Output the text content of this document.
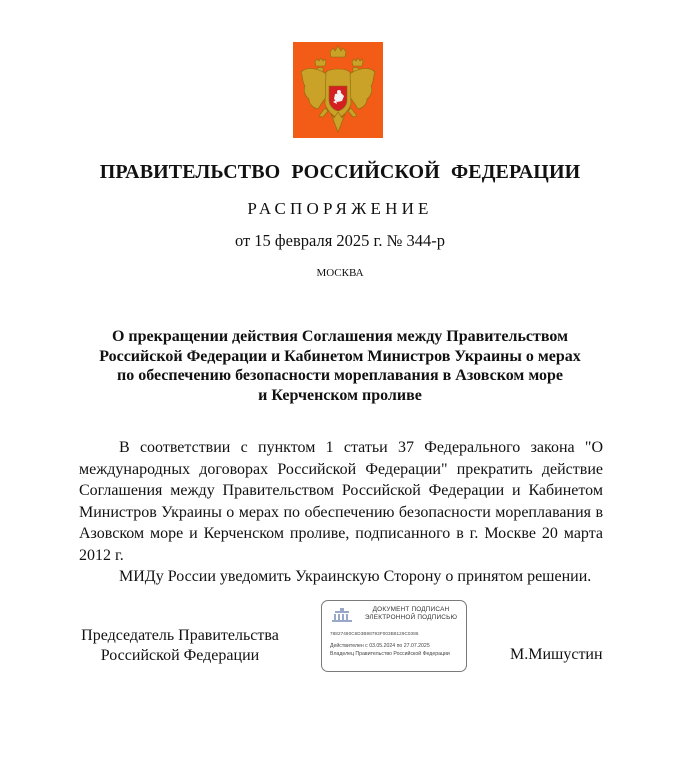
ПРАВИТЕЛЬСТВО РОССИЙСКОЙ ФЕДЕРАЦИИ
РАСПОРЯЖЕНИЕ
от 15 февраля 2025 г. № 344-р
МОСКВА
О прекращении действия Соглашения между Правительством
Российской Федерации и Кабинетом Министров Украины о мерах
по обеспечению безопасности мореплавания в Азовском море
и Керченском проливе

В соответствии с пунктом 1 статьи 37 Федерального закона "О международных договорах Российской Федерации" прекратить действие Соглашения между Правительством Российской Федерации и Кабинетом Министров Украины о мерах по обеспечению безопасности мореплавания в Азовском море и Керченском проливе, подписанного в г. Москве 20 марта 2012 г.

МИДу России уведомить Украинскую Сторону о принятом решении.

Председатель Правительства
Российской Федерации
ДОКУМЕНТ ПОДПИСАН
ЭЛЕКТРОННОЙ ПОДПИСЬЮ
78827480C6D3B98793F003B8129C0386
Действителен с 03.05.2024 по 27.07.2025
Владелец Правительство Российской Федерации	М.Мишустин
